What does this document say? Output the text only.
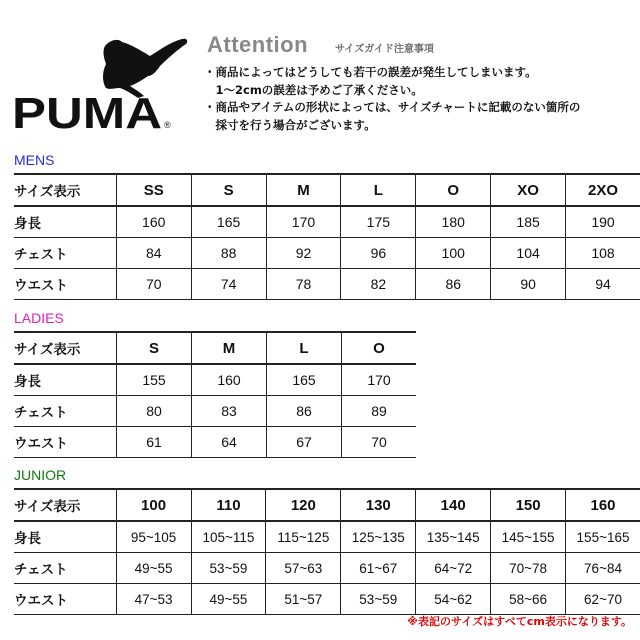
PUMA ®
Attention	サイズガイド注意事項
・商品によってはどうしても若干の誤差が発生してしまいます。
　1～2cmの誤差は予めご了承ください。
・商品やアイテムの形状によっては、サイズチャートに記載のない箇所の
　採寸を行う場合がございます。
MENS
サイズ表示	SS	S	M	L	O	XO	2XO
身長	160	165	170	175	180	185	190
チェスト	84	88	92	96	100	104	108
ウエスト	70	74	78	82	86	90	94
LADIES
サイズ表示	S	M	L	O
身長	155	160	165	170
チェスト	80	83	86	89
ウエスト	61	64	67	70
JUNIOR
サイズ表示	100	110	120	130	140	150	160
身長	95~105	105~115	115~125	125~135	135~145	145~155	155~165
チェスト	49~55	53~59	57~63	61~67	64~72	70~78	76~84
ウエスト	47~53	49~55	51~57	53~59	54~62	58~66	62~70
※表記のサイズはすべてcm表示になります。
